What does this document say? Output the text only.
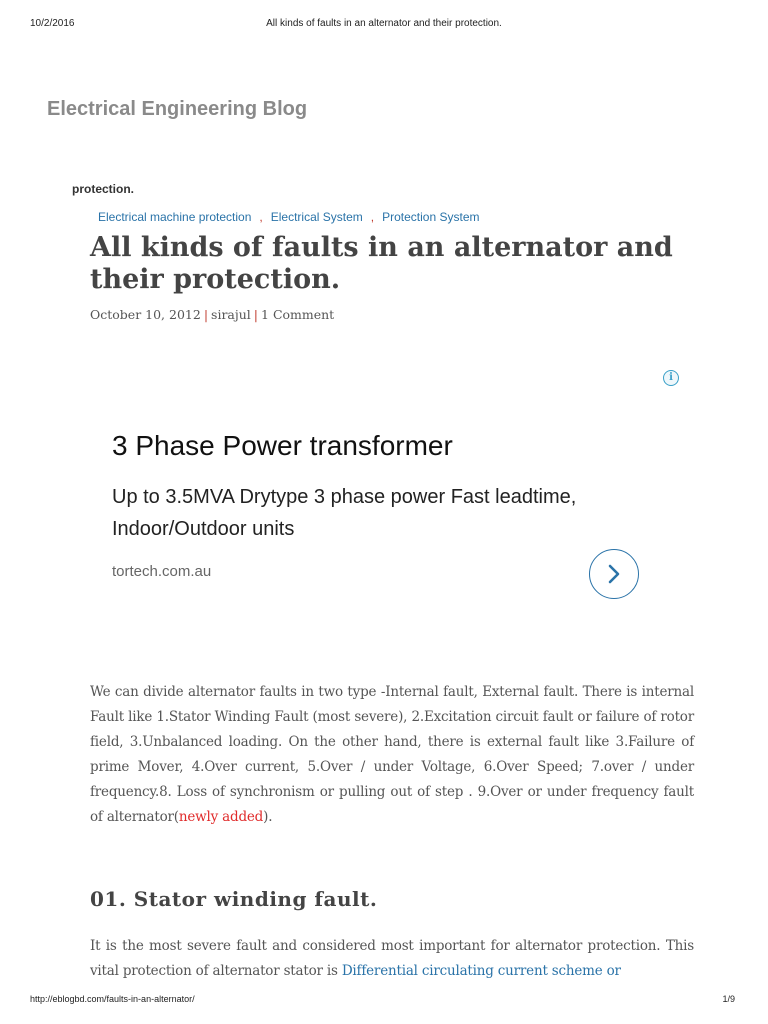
10/2/2016	All kinds of faults in an alternator and their protection.
Electrical Engineering Blog
protection.
Electrical machine protection , Electrical System , Protection System
All kinds of faults in an alternator and their protection.
October 10, 2012 | sirajul | 1 Comment
i
3 Phase Power transformer
Up to 3.5MVA Drytype 3 phase power Fast leadtime, Indoor/Outdoor units
tortech.com.au

We can divide alternator faults in two type -Internal fault, External fault. There is internal Fault like 1.Stator Winding Fault (most severe), 2.Excitation circuit fault or failure of rotor field, 3.Unbalanced loading. On the other hand, there is external fault like 3.Failure of prime Mover, 4.Over current, 5.Over / under Voltage, 6.Over Speed; 7.over / under frequency.8. Loss of synchronism or pulling out of step . 9.Over or under frequency fault of alternator(newly added).

01. Stator winding fault.

It is the most severe fault and considered most important for alternator protection. This vital protection of alternator stator is Differential circulating current scheme or

http://eblogbd.com/faults-in-an-alternator/	1/9
